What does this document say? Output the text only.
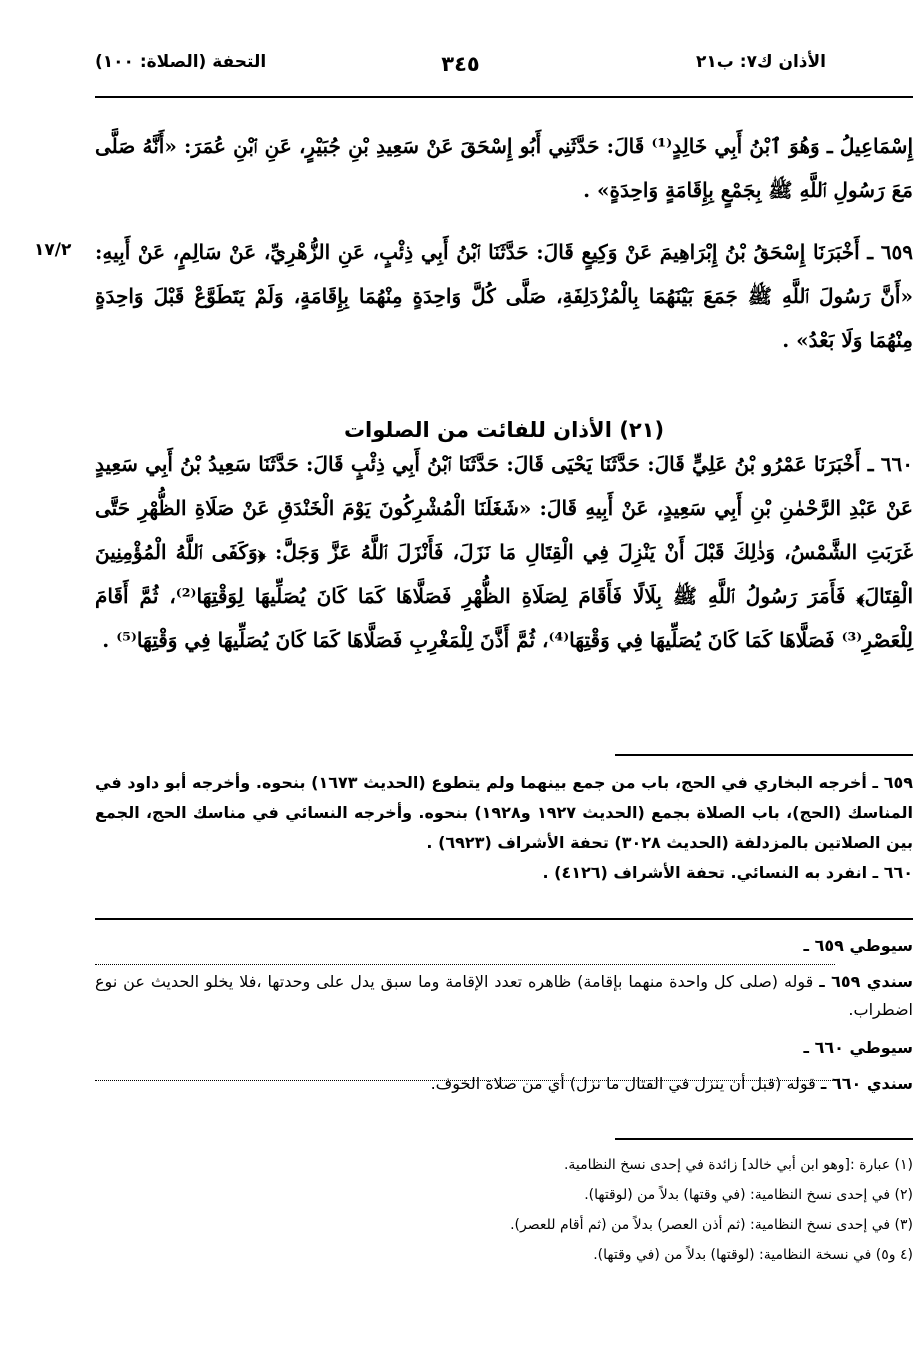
الأذان ك٧: ب٢١
٣٤٥
التحفة (الصلاة: ١٠٠)
إِسْمَاعِيلُ ـ وَهُوَ ٱبْنُ أَبِي خَالِدٍ⁽¹⁾ قَالَ: حَدَّثَنِي أَبُو إِسْحَقَ عَنْ سَعِيدِ بْنِ جُبَيْرٍ، عَنِ ٱبْنِ عُمَرَ: «أَنَّهُ صَلَّى مَعَ رَسُولِ ٱللَّهِ ﷺ بِجَمْعٍ بِإِقَامَةٍ وَاحِدَةٍ» .
١٧/٢ ٦٥٩ ـ أَخْبَرَنَا إِسْحَقُ بْنُ إِبْرَاهِيمَ عَنْ وَكِيعٍ قَالَ: حَدَّثَنَا ٱبْنُ أَبِي ذِئْبٍ، عَنِ الزُّهْرِيِّ، عَنْ سَالِمٍ، عَنْ أَبِيهِ: «أَنَّ رَسُولَ ٱللَّهِ ﷺ جَمَعَ بَيْنَهُمَا بِالْمُزْدَلِفَةِ، صَلَّى كُلَّ وَاحِدَةٍ مِنْهُمَا بِإِقَامَةٍ، وَلَمْ يَتَطَوَّعْ قَبْلَ وَاحِدَةٍ مِنْهُمَا وَلَا بَعْدُ» .
(٢١) الأذان للفائت من الصلوات
٦٦٠ ـ أَخْبَرَنَا عَمْرُو بْنُ عَلِيٍّ قَالَ: حَدَّثَنَا يَحْيَى قَالَ: حَدَّثَنَا ٱبْنُ أَبِي ذِئْبٍ قَالَ: حَدَّثَنَا سَعِيدُ بْنُ أَبِي سَعِيدٍ عَنْ عَبْدِ الرَّحْمٰنِ بْنِ أَبِي سَعِيدٍ، عَنْ أَبِيهِ قَالَ: «شَغَلَنَا الْمُشْرِكُونَ يَوْمَ الْخَنْدَقِ عَنْ صَلَاةِ الظُّهْرِ حَتَّى غَرَبَتِ الشَّمْسُ، وَذٰلِكَ قَبْلَ أَنْ يَنْزِلَ فِي الْقِتَالِ مَا نَزَلَ، فَأَنْزَلَ ٱللَّهُ عَزَّ وَجَلَّ: ﴿وَكَفَى ٱللَّهُ الْمُؤْمِنِينَ الْقِتَالَ﴾ فَأَمَرَ رَسُولُ ٱللَّهِ ﷺ بِلَالًا فَأَقَامَ لِصَلَاةِ الظُّهْرِ فَصَلَّاهَا كَمَا كَانَ يُصَلِّيهَا لِوَقْتِهَا⁽²⁾، ثُمَّ أَقَامَ لِلْعَصْرِ⁽³⁾ فَصَلَّاهَا كَمَا كَانَ يُصَلِّيهَا فِي وَقْتِهَا⁽⁴⁾، ثُمَّ أَذَّنَ لِلْمَغْرِبِ فَصَلَّاهَا كَمَا كَانَ يُصَلِّيهَا فِي وَقْتِهَا⁽⁵⁾ .

٦٥٩ ـ أخرجه البخاري في الحج، باب من جمع بينهما ولم يتطوع (الحديث ١٦٧٣) بنحوه. وأخرجه أبو داود في المناسك (الحج)، باب الصلاة بجمع (الحديث ١٩٢٧ و١٩٢٨) بنحوه. وأخرجه النسائي في مناسك الحج، الجمع بين الصلاتين بالمزدلفة (الحديث ٣٠٢٨) تحفة الأشراف (٦٩٢٣) .

٦٦٠ ـ انفرد به النسائي. تحفة الأشراف (٤١٢٦) .

سيوطي ٦٥٩ ـ

سندي ٦٥٩ ـ قوله (صلى كل واحدة منهما بإقامة) ظاهره تعدد الإقامة وما سبق يدل على وحدتها ،فلا يخلو الحديث عن نوع اضطراب.

سيوطي ٦٦٠ ـ

سندي ٦٦٠ ـ قوله (قبل أن ينزل في القتال ما نزل) أي من صلاة الخوف.

(١) عبارة :[وهو ابن أبي خالد] زائدة في إحدى نسخ النظامية.

(٢) في إحدى نسخ النظامية: (في وقتها) بدلاً من (لوقتها).

(٣) في إحدى نسخ النظامية: (ثم أذن العصر) بدلاً من (ثم أقام للعصر).

(٤ و٥) في نسخة النظامية: (لوقتها) بدلاً من (في وقتها).
